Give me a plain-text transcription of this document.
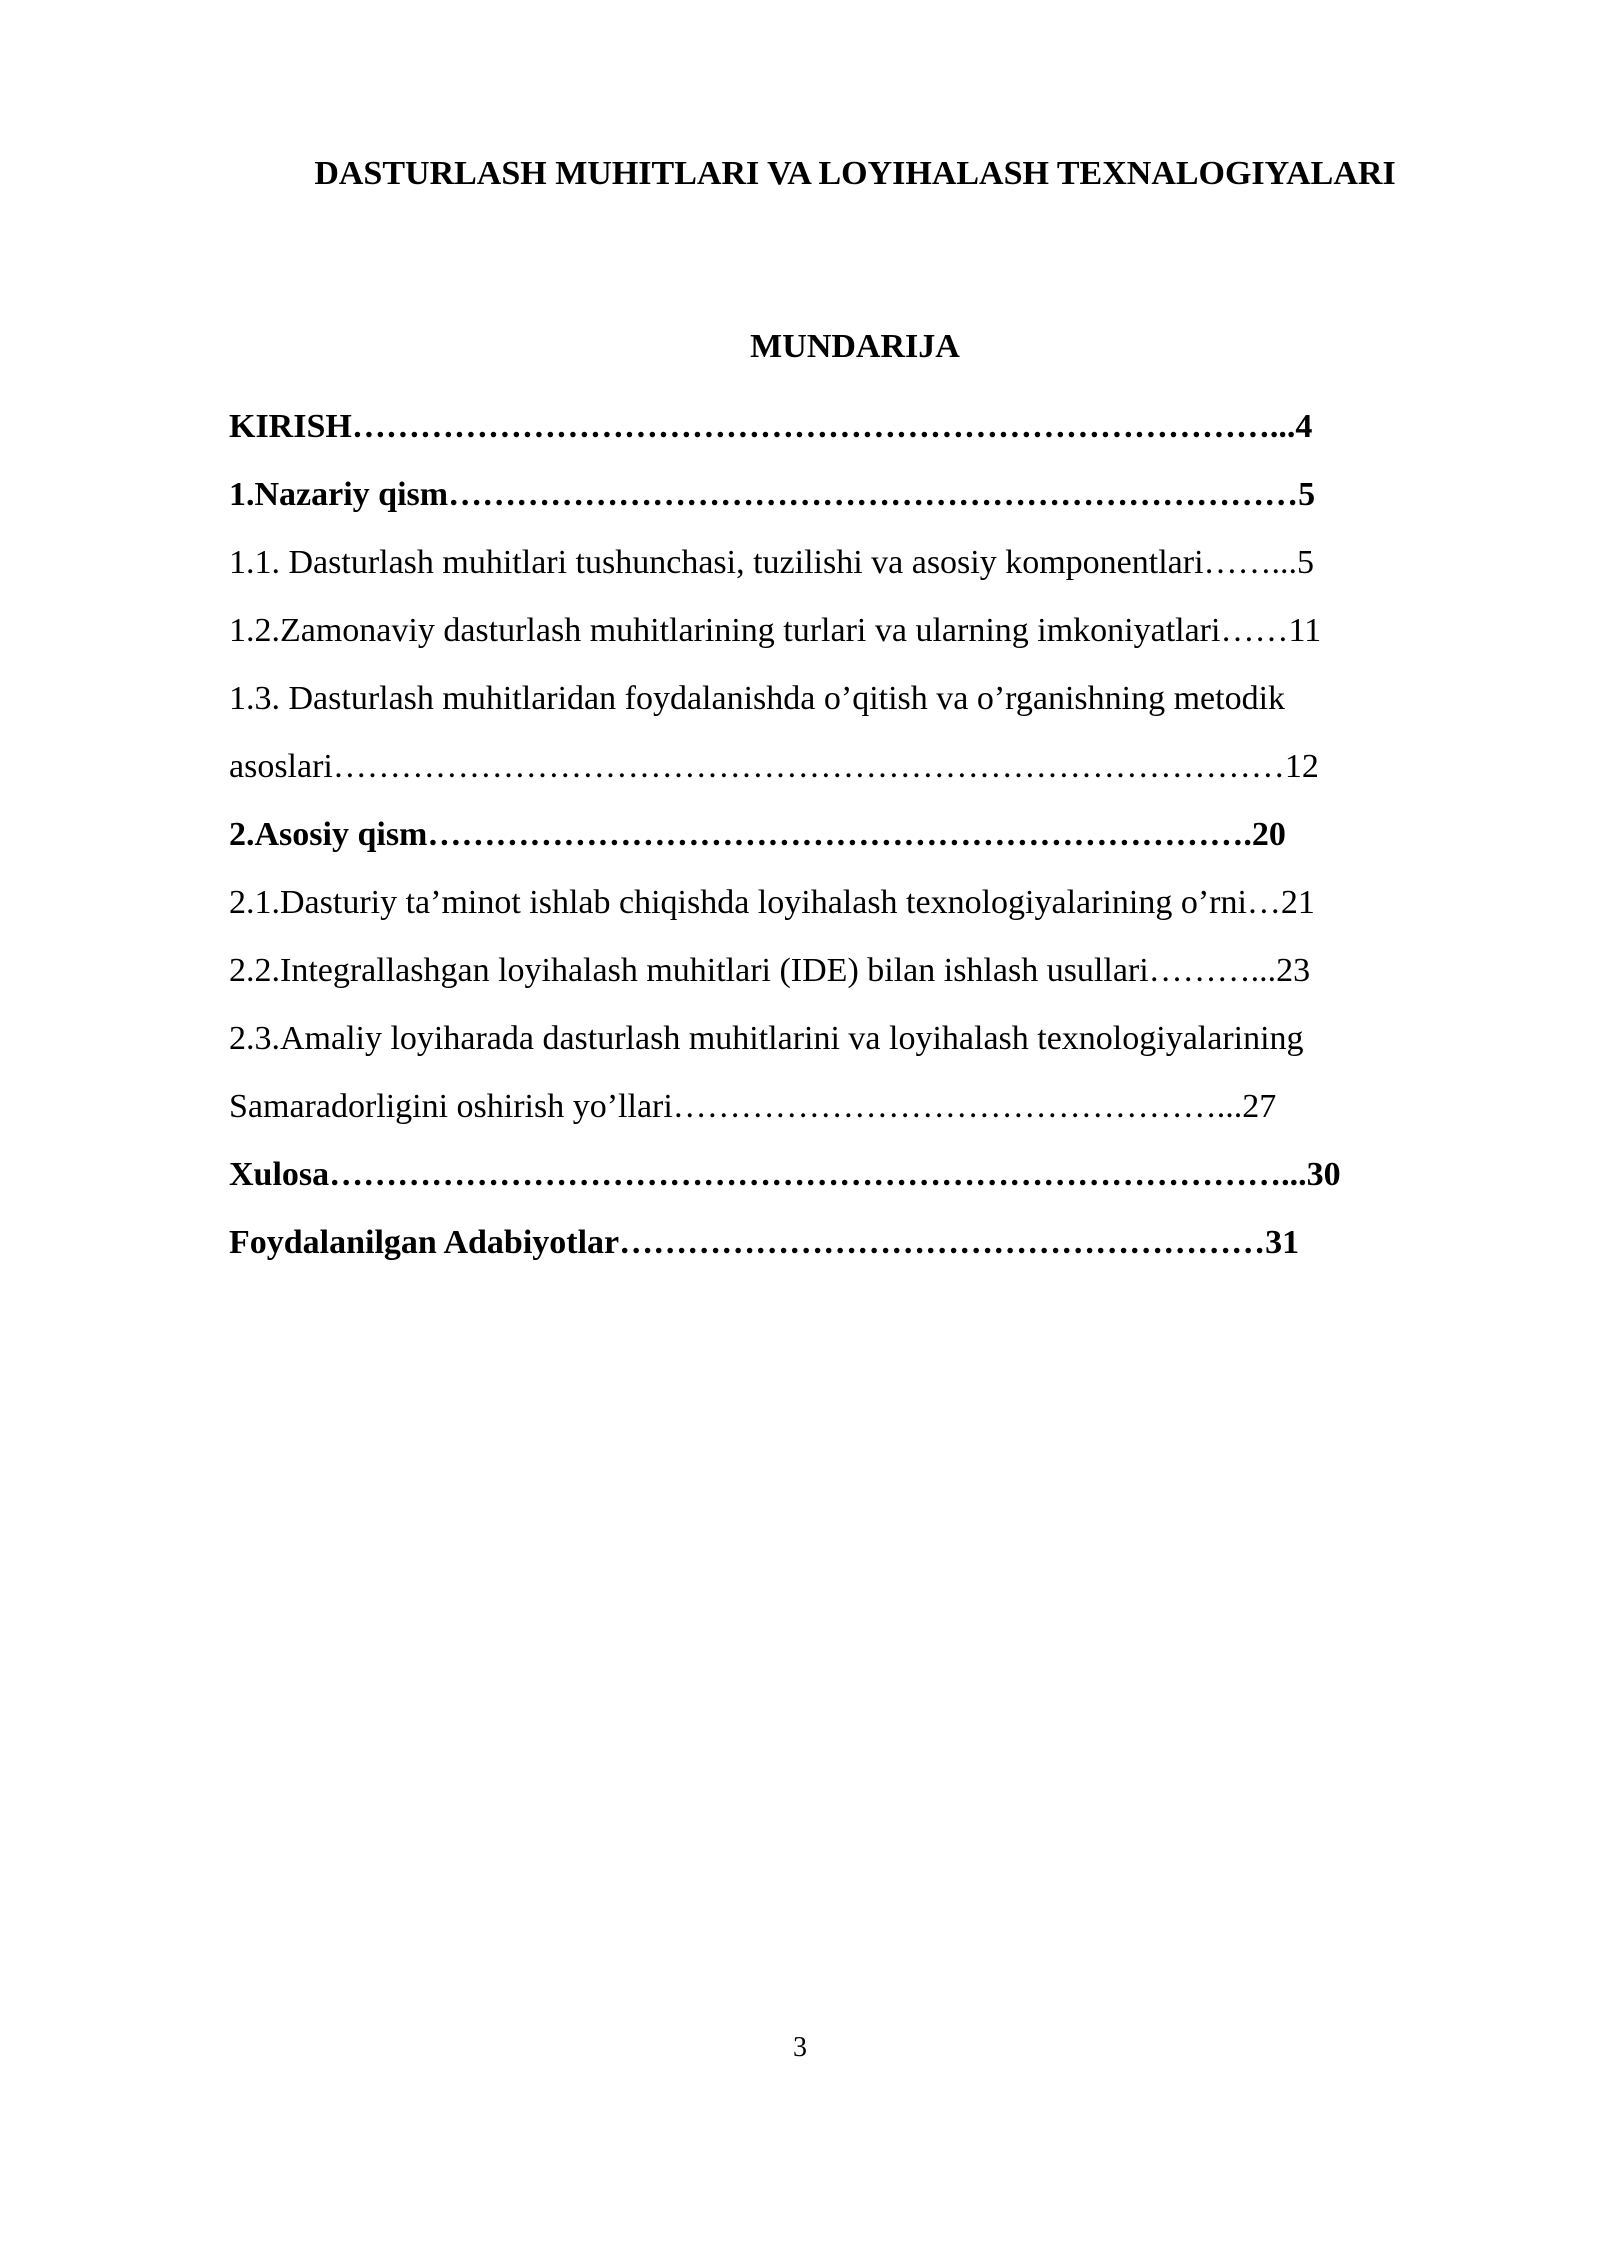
DASTURLASH MUHITLARI VA LOYIHALASH TEXNALOGIYALARI
MUNDARIJA
KIRISH………………………………………………………………………...4
1.Nazariy qism…………………………………………………………………5
1.1. Dasturlash muhitlari tushunchasi, tuzilishi va asosiy komponentlari……...5
1.2.Zamonaviy dasturlash muhitlarining turlari va ularning imkoniyatlari……11
1.3. Dasturlash muhitlaridan foydalanishda o’qitish va o’rganishning metodik
asoslari…………………………………………………………………………12
2.Asosiy qism……………………………………………………………….20
2.1.Dasturiy ta’minot ishlab chiqishda loyihalash texnologiyalarining o’rni…21
2.2.Integrallashgan loyihalash muhitlari (IDE) bilan ishlash usullari………...23
2.3.Amaliy loyiharada dasturlash muhitlarini va loyihalash texnologiyalarining
Samaradorligini oshirish yo’llari…………………………………………...27
Xulosa…………………………………………………………………………...30
Foydalanilgan Adabiyotlar…………………………………………………31
3
